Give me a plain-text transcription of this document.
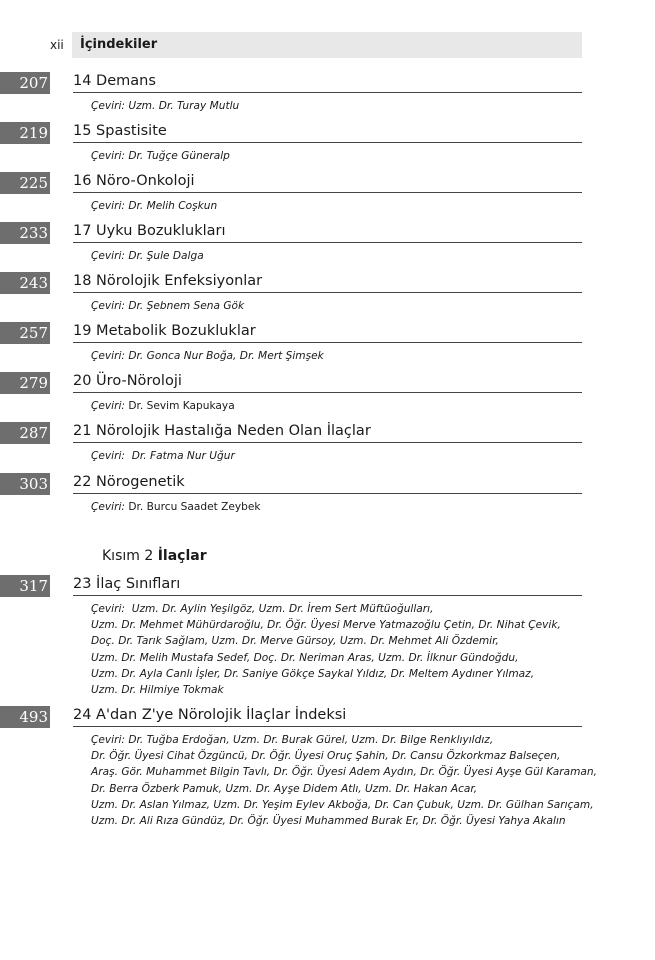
xii İçindekiler
207 14 Demans
Çeviri: Uzm. Dr. Turay Mutlu
219 15 Spastisite
Çeviri: Dr. Tuğçe Güneralp
225 16 Nöro-Onkoloji
Çeviri: Dr. Melih Coşkun
233 17 Uyku Bozuklukları
Çeviri: Dr. Şule Dalga
243 18 Nörolojik Enfeksiyonlar
Çeviri: Dr. Şebnem Sena Gök
257 19 Metabolik Bozukluklar
Çeviri: Dr. Gonca Nur Boğa, Dr. Mert Şimşek
279 20 Üro-Nöroloji
Çeviri: Dr. Sevim Kapukaya
287 21 Nörolojik Hastalığa Neden Olan İlaçlar
Çeviri:  Dr. Fatma Nur Uğur
303 22 Nörogenetik
Çeviri: Dr. Burcu Saadet Zeybek
Kısım 2 İlaçlar
317 23 İlaç Sınıfları
Çeviri:  Uzm. Dr. Aylin Yeşilgöz, Uzm. Dr. İrem Sert Müftüoğulları,
Uzm. Dr. Mehmet Mühürdaroğlu, Dr. Öğr. Üyesi Merve Yatmazoğlu Çetin, Dr. Nihat Çevik,
Doç. Dr. Tarık Sağlam, Uzm. Dr. Merve Gürsoy, Uzm. Dr. Mehmet Ali Özdemir,
Uzm. Dr. Melih Mustafa Sedef, Doç. Dr. Neriman Aras, Uzm. Dr. İlknur Gündoğdu,
Uzm. Dr. Ayla Canlı İşler, Dr. Saniye Gökçe Saykal Yıldız, Dr. Meltem Aydıner Yılmaz,
Uzm. Dr. Hilmiye Tokmak
493 24 A'dan Z'ye Nörolojik İlaçlar İndeksi
Çeviri: Dr. Tuğba Erdoğan, Uzm. Dr. Burak Gürel, Uzm. Dr. Bilge Renklıyıldız,
Dr. Öğr. Üyesi Cihat Özgüncü, Dr. Öğr. Üyesi Oruç Şahin, Dr. Cansu Özkorkmaz Balseçen,
Araş. Gör. Muhammet Bilgin Tavlı, Dr. Öğr. Üyesi Adem Aydın, Dr. Öğr. Üyesi Ayşe Gül Karaman,
Dr. Berra Özberk Pamuk, Uzm. Dr. Ayşe Didem Atlı, Uzm. Dr. Hakan Acar,
Uzm. Dr. Aslan Yılmaz, Uzm. Dr. Yeşim Eylev Akboğa, Dr. Can Çubuk, Uzm. Dr. Gülhan Sarıçam,
Uzm. Dr. Ali Rıza Gündüz, Dr. Öğr. Üyesi Muhammed Burak Er, Dr. Öğr. Üyesi Yahya Akalın
